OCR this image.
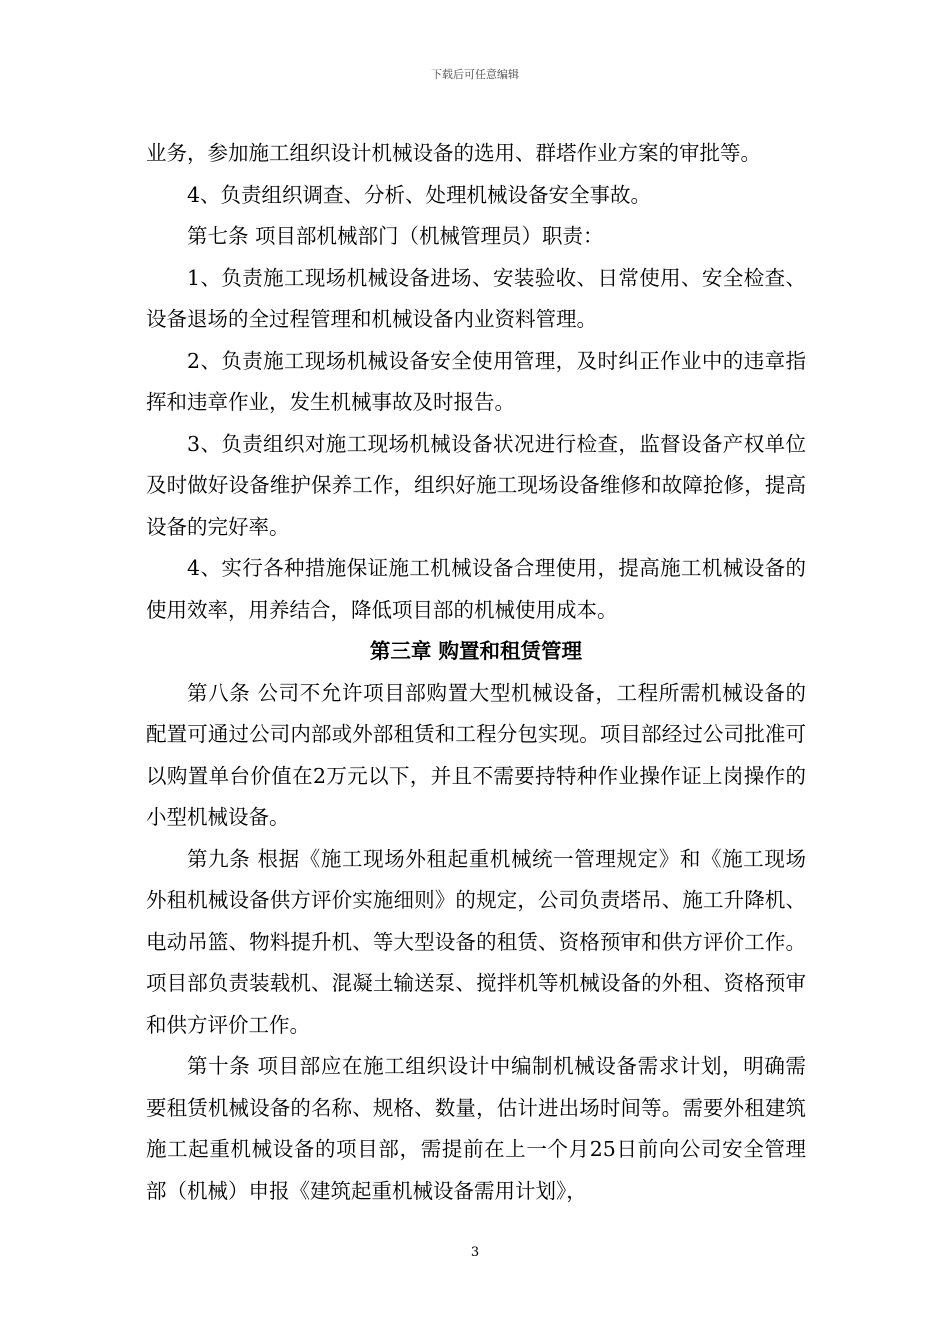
下载后可任意编辑

业务，参加施工组织设计机械设备的选用、群塔作业方案的审批等。

4、负责组织调查、分析、处理机械设备安全事故。

第七条 项目部机械部门（机械管理员）职责：

1、负责施工现场机械设备进场、安装验收、日常使用、安全检查、设备退场的全过程管理和机械设备内业资料管理。

2、负责施工现场机械设备安全使用管理，及时纠正作业中的违章指挥和违章作业，发生机械事故及时报告。

3、负责组织对施工现场机械设备状况进行检查，监督设备产权单位及时做好设备维护保养工作，组织好施工现场设备维修和故障抢修，提高设备的完好率。

4、实行各种措施保证施工机械设备合理使用，提高施工机械设备的使用效率，用养结合，降低项目部的机械使用成本。

第三章 购置和租赁管理

第八条 公司不允许项目部购置大型机械设备，工程所需机械设备的配置可通过公司内部或外部租赁和工程分包实现。项目部经过公司批准可以购置单台价值在2万元以下，并且不需要持特种作业操作证上岗操作的小型机械设备。

第九条 根据《施工现场外租起重机械统一管理规定》和《施工现场外租机械设备供方评价实施细则》的规定，公司负责塔吊、施工升降机、电动吊篮、物料提升机、等大型设备的租赁、资格预审和供方评价工作。项目部负责装载机、混凝土输送泵、搅拌机等机械设备的外租、资格预审和供方评价工作。

第十条 项目部应在施工组织设计中编制机械设备需求计划，明确需要租赁机械设备的名称、规格、数量，估计进出场时间等。需要外租建筑施工起重机械设备的项目部，需提前在上一个月25日前向公司安全管理部（机械）申报《建筑起重机械设备需用计划》，

3
